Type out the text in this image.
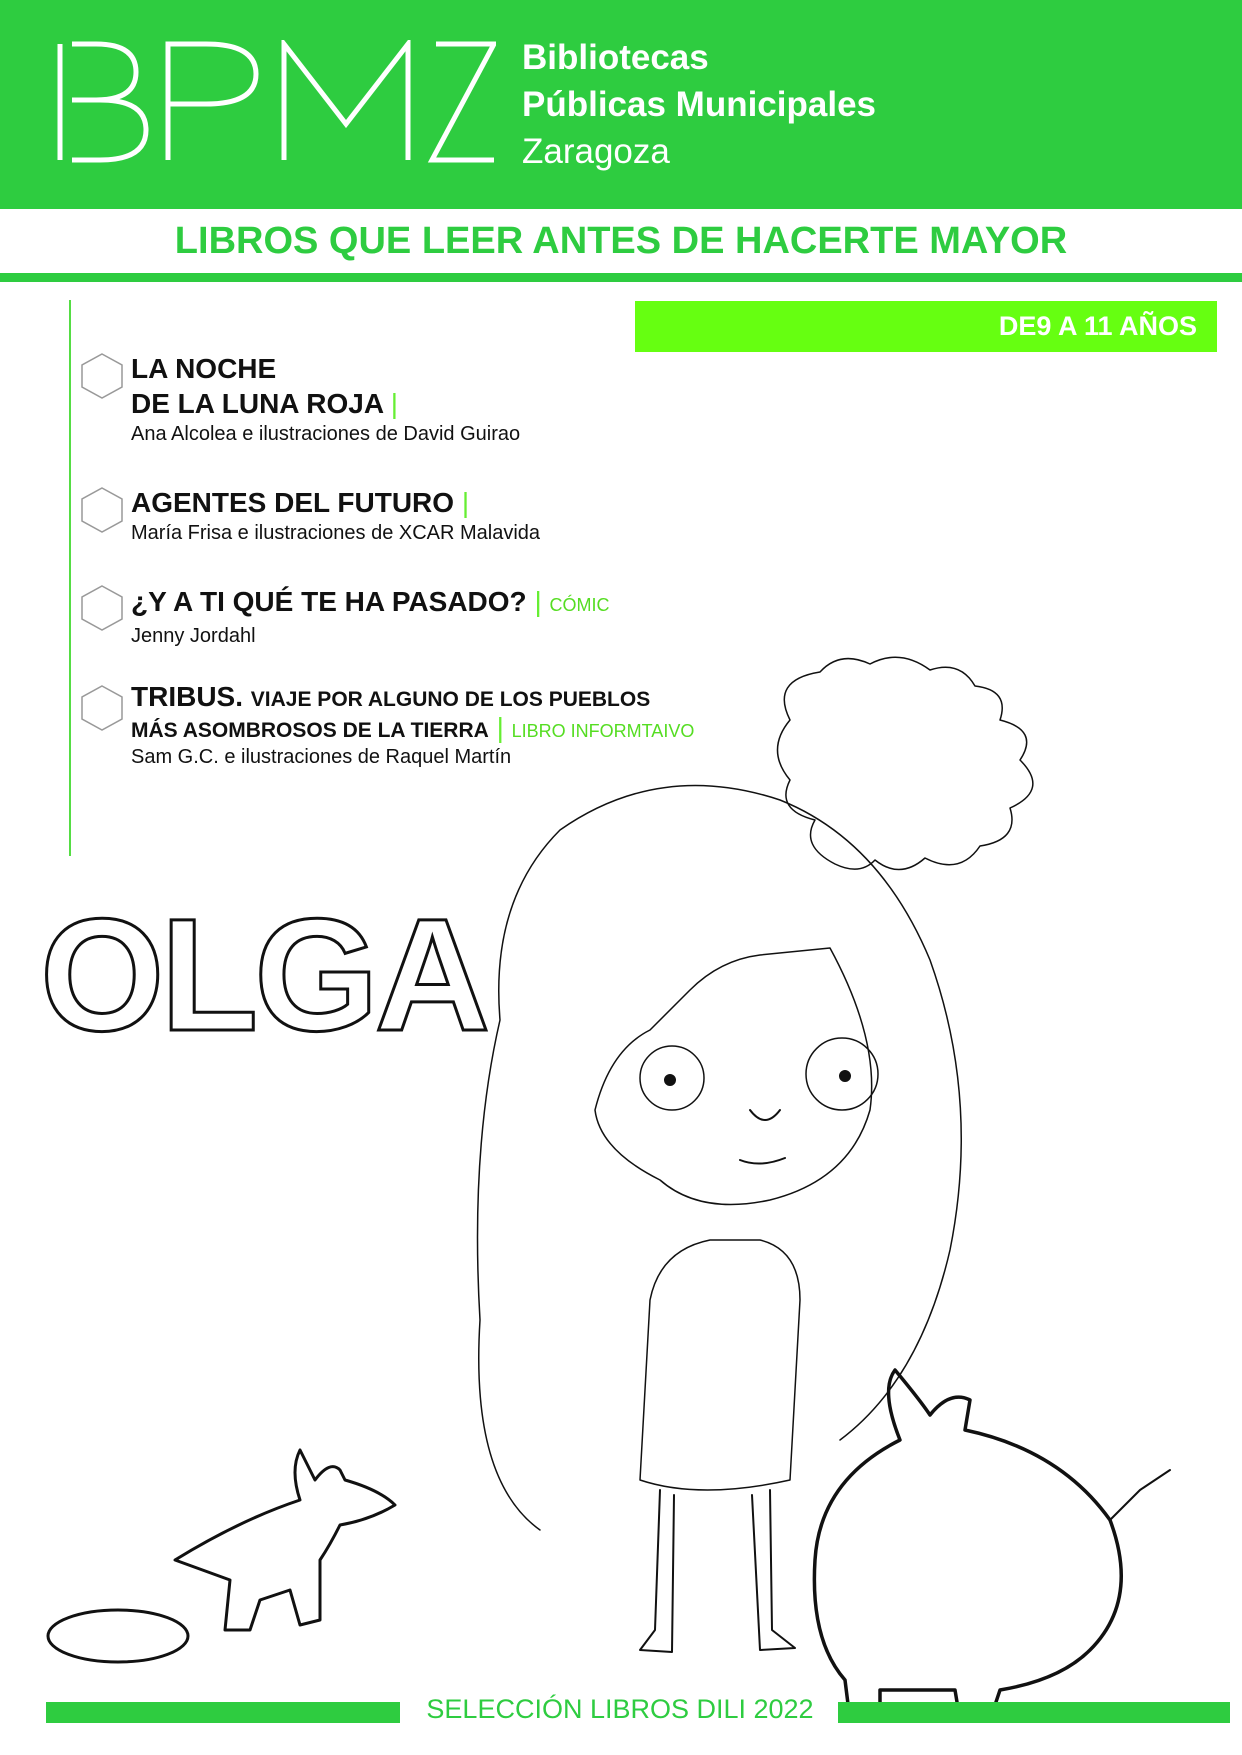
Bibliotecas
Públicas Municipales
Zaragoza
LIBROS QUE LEER ANTES DE HACERTE MAYOR
DE9 A 11 AÑOS
LA NOCHE
DE LA LUNA ROJA |
Ana Alcolea e ilustraciones de David Guirao
AGENTES DEL FUTURO |
María Frisa e ilustraciones de XCAR Malavida
¿Y A TI QUÉ TE HA PASADO? | CÓMIC
Jenny Jordahl
TRIBUS. VIAJE POR ALGUNO DE LOS PUEBLOS
MÁS ASOMBROSOS DE LA TIERRA | LIBRO INFORMTAIVO
Sam G.C. e ilustraciones de Raquel Martín
OLGA
SELECCIÓN LIBROS DILI 2022
